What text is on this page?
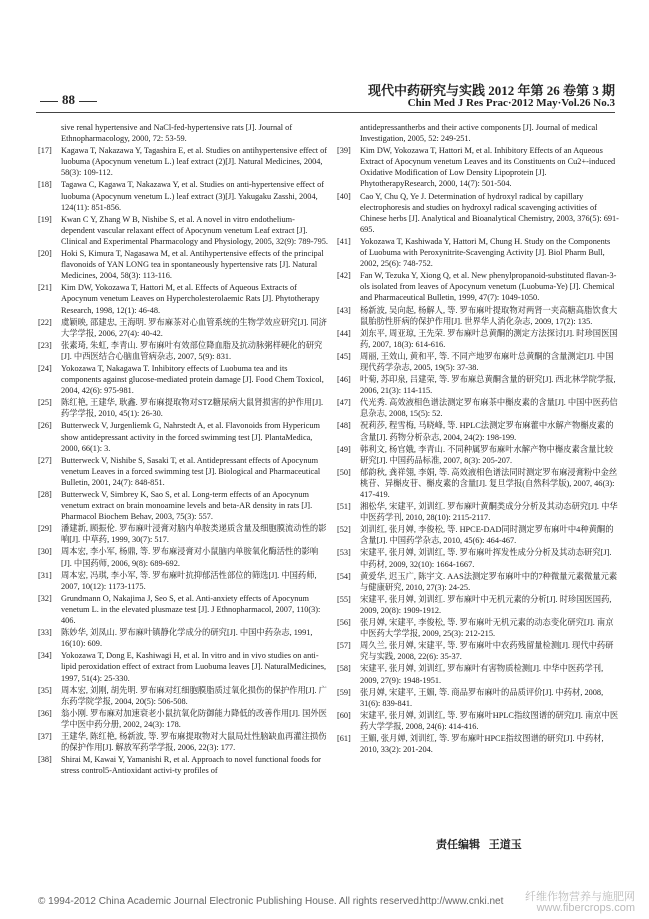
88
现代中药研究与实践 2012 年第 26 卷第 3 期
Chin Med J Res Prac·2012 May·Vol.26 No.3
sive renal hypertensive and NaCl-fed-hypertensive rats [J]. Journal of Ethnopharmacology, 2000, 72: 53-59.
[17]	Kagawa T, Nakazawa Y, Tagashira E, et al. Studies on antihypertensive effect of luobuma (Apocynum venetum L.) leaf extract (2)[J]. Natural Medicines, 2004, 58(3): 109-112.
[18]	Tagawa C, Kagawa T, Nakazawa Y, et al. Studies on anti-hypertensive effect of luobuma (Apocynum venetum L.) leaf extract (3)[J]. Yakugaku Zasshi, 2004, 124(11): 851-856.
[19]	Kwan C Y, Zhang W B, Nishibe S, et al. A novel in vitro endothelium-dependent vascular relaxant effect of Apocynum venetum Leaf extract [J]. Clinical and Experimental Pharmacology and Physiology, 2005, 32(9): 789-795.
[20]	Hoki S, Kimura T, Nagasawa M, et al. Antihypertensive effects of the principal flavonoids of YAN LONG tea in spontaneously hypertensive rats [J]. Natural Medicines, 2004, 58(3): 113-116.
[21]	Kim DW, Yokozawa T, Hattori M, et al. Effects of Aqueous Extracts of Apocynum venetum Leaves on Hypercholesterolaemic Rats [J]. Phytotherapy Research, 1998, 12(1): 46-48.
[22]	虞颖映, 邵建忠, 王海明. 罗布麻茶对心血管系统的生物学效应研究[J]. 同济大学学报, 2006, 27(4): 40-42.
[23]	张素琦, 朱虹, 李青山. 罗布麻叶有效部位降血脂及抗动脉粥样硬化的研究[J]. 中西医结合心脑血管病杂志, 2007, 5(9): 831.
[24]	Yokozawa T, Nakagawa T. Inhibitory effects of Luobuma tea and its components against glucose-mediated protein damage [J]. Food Chem Toxicol, 2004, 42(6): 975-981.
[25]	陈红艳, 王建华, 耿鑫. 罗布麻提取物对STZ糖尿病大鼠肾损害的护作用[J]. 药学学报, 2010, 45(1): 26-30.
[26]	Butterweck V, Jurgenliemk G, Nahrstedt A, et al. Flavonoids from Hypericum show antidepressant activity in the forced swimming test [J]. PlantaMedica, 2000, 66(1): 3.
[27]	Butterweck V, Nishibe S, Sasaki T, et al. Antidepressant effects of Apocynum venetum Leaves in a forced swimming test [J]. Biological and Pharmaceutical Bulletin, 2001, 24(7): 848-851.
[28]	Butterweck V, Simbrey K, Sao S, et al. Long-term effects of an Apocynum venetum extract on brain monoamine levels and beta-AR density in rats [J]. Pharmacol Biochem Behav, 2003, 75(3): 557.
[29]	潘建新, 顾振伦. 罗布麻叶浸膏对脑内单胺类递质含量及细胞膜流动性的影响[J]. 中草药, 1999, 30(7): 517.
[30]	周本宏, 李小军, 杨鼎, 等. 罗布麻浸膏对小鼠脑内单胺氧化酶活性的影响[J]. 中国药师, 2006, 9(8): 689-692.
[31]	周本宏, 冯琪, 李小军, 等. 罗布麻叶抗抑郁活性部位的筛选[J]. 中国药师, 2007, 10(12): 1173-1175.
[32]	Grundmann O, Nakajima J, Seo S, et al. Anti-anxiety effects of Apocynum venetum L. in the elevated plusmaze test [J]. J Ethnopharmacol, 2007, 110(3): 406.
[33]	陈妙华, 刘凤山. 罗布麻叶镇静化学成分的研究[J]. 中国中药杂志, 1991, 16(10): 609.
[34]	Yokozawa T, Dong E, Kashiwagi H, et al. In vitro and in vivo studies on anti-lipid peroxidation effect of extract from Luobuma leaves [J]. NaturalMedicines, 1997, 51(4): 25-330.
[35]	周本宏, 刘刚, 胡先明. 罗布麻对红细胞膜脂质过氧化损伤的保护作用[J]. 广东药学院学报, 2004, 20(5): 506-508.
[36]	翁小刚. 罗布麻对加速衰老小鼠抗氧化防御能力降低的改善作用[J]. 国外医学中医中药分册, 2002, 24(3): 178.
[37]	王建华, 陈红艳, 杨新波, 等. 罗布麻提取物对大鼠局灶性脑缺血再灌注损伤的保护作用[J]. 解放军药学学报, 2006, 22(3): 177.
[38]	Shirai M, Kawai Y, Yamanishi R, et al. Approach to novel functional foods for stress control5-Antioxidant activi-ty profiles of
antidepressantherbs and their active components [J]. Journal of medical Investigation, 2005, 52: 249-251.
[39]	Kim DW, Yokozawa T, Hattori M, et al. Inhibitory Effects of an Aqueous Extract of Apocynum venetum Leaves and its Constituents on Cu2+-induced Oxidative Modification of Low Density Lipoprotein [J]. PhytotherapyResearch, 2000, 14(7): 501-504.
[40]	Cao Y, Chu Q, Ye J. Determination of hydroxyl radical by capillary electrophoresis and studies on hydroxyl radical scavenging activities of Chinese herbs [J]. Analytical and Bioanalytical Chemistry, 2003, 376(5): 691-695.
[41]	Yokozawa T, Kashiwada Y, Hattori M, Chung H. Study on the Components of Luobuma with Peroxynitrite-Scavenging Activity [J]. Biol Pharm Bull, 2002, 25(6): 748-752.
[42]	Fan W, Tezuka Y, Xiong Q, et al. New phenylpropanoid-substituted flavan-3-ols isolated from leaves of Apocynum venetum (Luobuma-Ye) [J]. Chemical and Pharmaceutical Bulletin, 1999, 47(7): 1049-1050.
[43]	杨新波, 吴向起, 杨解人, 等. 罗布麻叶提取物对两肾一夹高糖高脂饮食大鼠胎肪性肝病的保护作用[J]. 世界华人消化杂志, 2009, 17(2): 135.
[44]	刘东平, 周亚琼, 王先荣. 罗布麻叶总黄酮的测定方法探讨[J]. 时珍国医国药, 2007, 18(3): 614-616.
[45]	周丽, 王效山, 黄和平, 等. 不同产地罗布麻叶总黄酮的含量测定[J]. 中国现代药学杂志, 2005, 19(5): 37-38.
[46]	叶菊, 苏印泉, 吕建荣, 等. 罗布麻总黄酮含量的研究[J]. 西北林学院学报, 2006, 21(3): 114-115.
[47]	代光秀. 高效液相色谱法测定罗布麻茶中槲皮素的含量[J]. 中国中医药信息杂志, 2008, 15(5): 52.
[48]	祝莉莎, 程雪梅, 马晓峰, 等. HPLC法测定罗布麻藿中水解产物槲皮素的含量[J]. 药物分析杂志, 2004, 24(2): 198-199.
[49]	韩利文, 杨官娥, 李青山. 不同种属罗布麻叶水解产物中槲皮素含量比较研究[J]. 中国药品标准, 2007, 8(3): 205-207.
[50]	郁韵秋, 龚祥翎, 李娟, 等. 高效液相色谱法同时测定罗布麻浸膏粉中金丝桃苷、异槲皮苷、槲皮素的含量[J]. 复旦学报(自然科学版), 2007, 46(3): 417-419.
[51]	湘松华, 宋建平, 刘训红. 罗布麻叶黄酮类成分分析及其动态研究[J]. 中华中医药学刊, 2010, 28(10): 2115-2117.
[52]	刘训红, 张月婵, 李俊松, 等. HPCE-DAD同时测定罗布麻叶中4种黄酮的含量[J]. 中国药学杂志, 2010, 45(6): 464-467.
[53]	宋建平, 张月婵, 刘训红, 等. 罗布麻叶挥发性成分分析及其动态研究[J]. 中药材, 2009, 32(10): 1664-1667.
[54]	黄爱华, 迟玉广, 陈宇文. AAS法测定罗布麻叶中的7种微量元素微量元素与健康研究, 2010, 27(3): 24-25.
[55]	宋建平, 张月婵, 刘训红. 罗布麻叶中无机元素的分析[J]. 时珍国医国药, 2009, 20(8): 1909-1912.
[56]	张月婵, 宋建平, 李俊松, 等. 罗布麻叶无机元素的动态变化研究[J]. 南京中医药大学学报, 2009, 25(3): 212-215.
[57]	周久兰, 张月婵, 宋建平, 等. 罗布麻叶中农药残留量检测[J]. 现代中药研究与实践, 2008, 22(6): 35-37.
[58]	宋建平, 张月婵, 刘训红, 罗布麻叶有害物质检测[J]. 中华中医药学刊, 2009, 27(9): 1948-1951.
[59]	张月婵, 宋建平, 王媚, 等. 商品罗布麻叶的品质评价[J]. 中药材, 2008, 31(6): 839-841.
[60]	宋建平, 张月婵, 刘训红, 等. 罗布麻叶HPLC指纹图谱的研究[J]. 南京中医药大学学报, 2008, 24(6): 414-416.
[61]	王媚, 张月婵, 刘训红, 等. 罗布麻叶HPCE指纹图谱的研究[J]. 中药材, 2010, 33(2): 201-204.
责任编辑 王道玉
© 1994-2012 China Academic Journal Electronic Publishing House. All rights reserved.
http://www.cnki.net 纤维作物营养与施肥网
www.fibercrops.com
